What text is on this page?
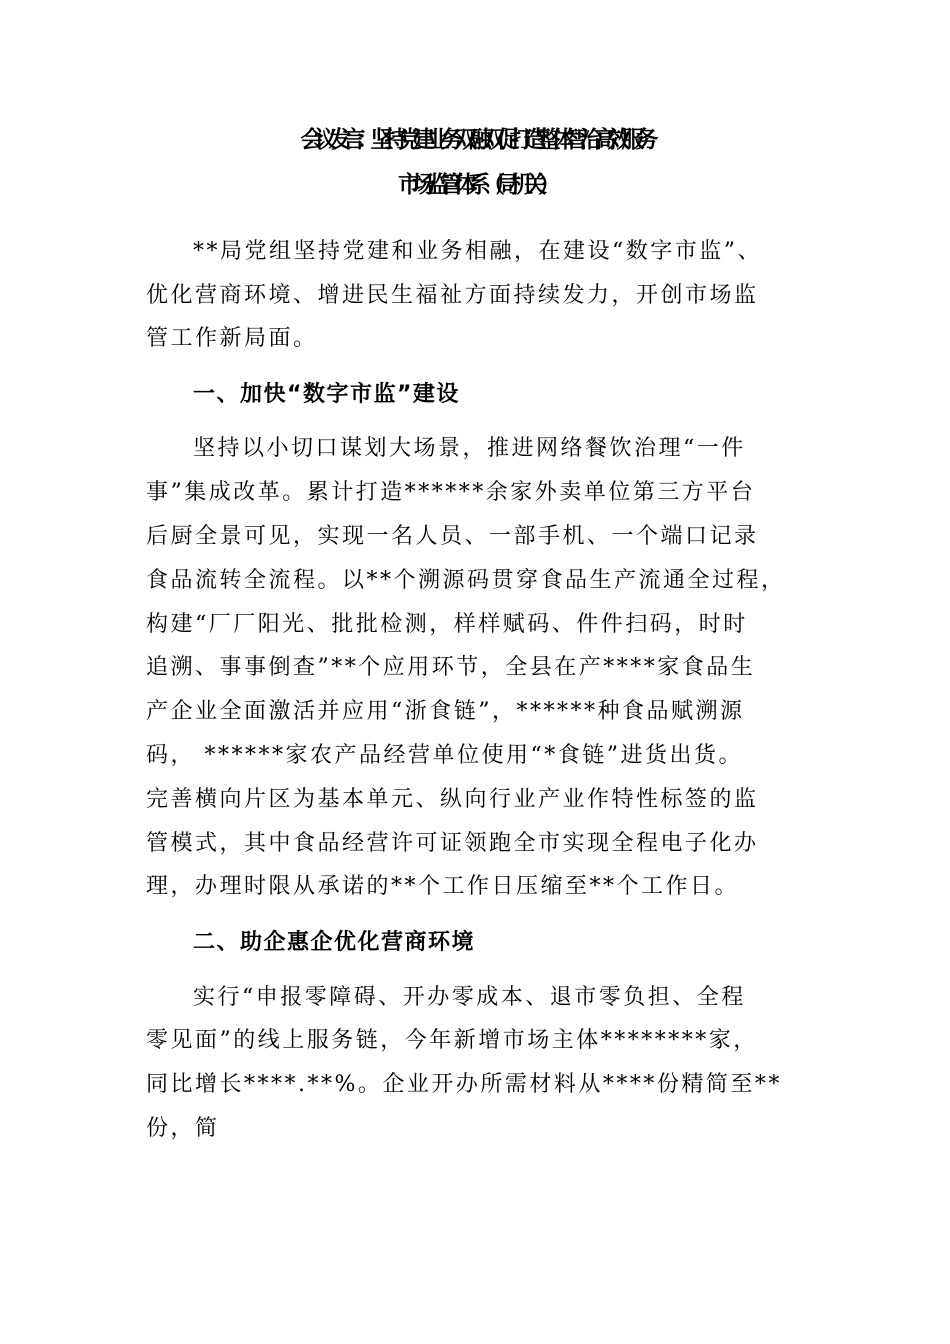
会议发言：坚持党建业务双融双促 打造整体智治高效服务
市场监管体系（局机关）
**局党组坚持党建和业务相融，在建设“数字市监”、
优化营商环境、增进民生福祉方面持续发力，开创市场监
管工作新局面。
一、加快“数字市监”建设
坚持以小切口谋划大场景，推进网络餐饮治理“一件
事”集成改革。累计打造******余家外卖单位第三方平台
后厨全景可见，实现一名人员、一部手机、一个端口记录
食品流转全流程。以**个溯源码贯穿食品生产流通全过程，
构建“厂厂阳光、批批检测，样样赋码、件件扫码，时时
追溯、事事倒查”**个应用环节，全县在产****家食品生
产企业全面激活并应用“浙食链”，******种食品赋溯源
码， ******家农产品经营单位使用“*食链”进货出货。
完善横向片区为基本单元、纵向行业产业作特性标签的监
管模式，其中食品经营许可证领跑全市实现全程电子化办
理，办理时限从承诺的**个工作日压缩至**个工作日。
二、助企惠企优化营商环境
实行“申报零障碍、开办零成本、退市零负担、全程
零见面”的线上服务链，今年新增市场主体********家，
同比增长****.**%。企业开办所需材料从****份精简至**
份，简
